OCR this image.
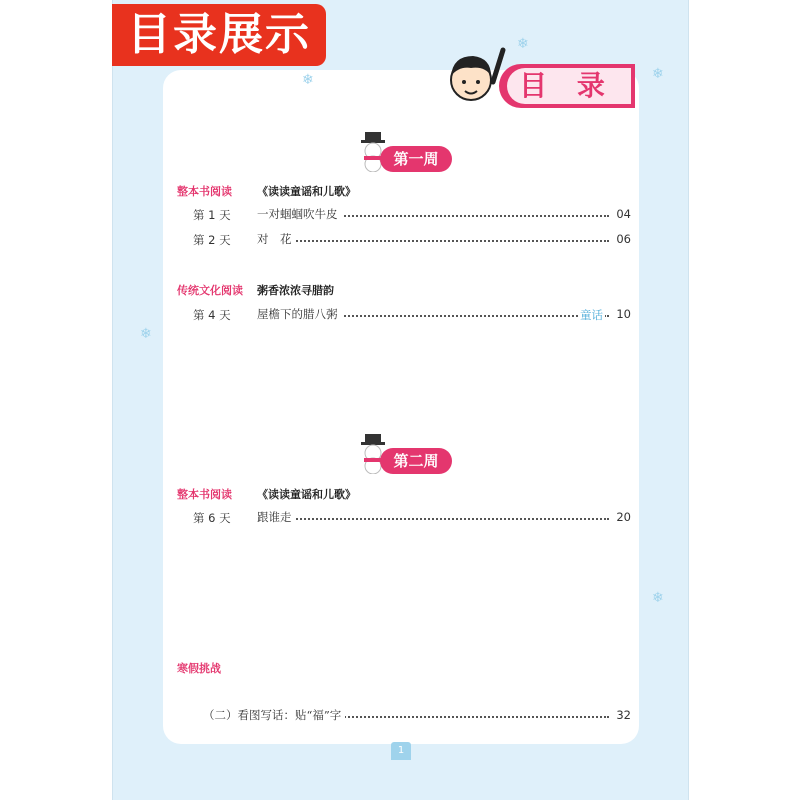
目录展示
目 录
❄
❄
❄
❄
❄
第一周
整本书阅读 《读读童谣和儿歌》
第 1 天 一对蝈蝈吹牛皮	04
第 2 天 对　花	06
传统文化阅读 粥香浓浓寻腊韵
第 4 天 屋檐下的腊八粥	童话	10
第二周
整本书阅读 《读读童谣和儿歌》
第 6 天 跟谁走	20
寒假挑战
（二）看图写话：贴“福”字	32
1
